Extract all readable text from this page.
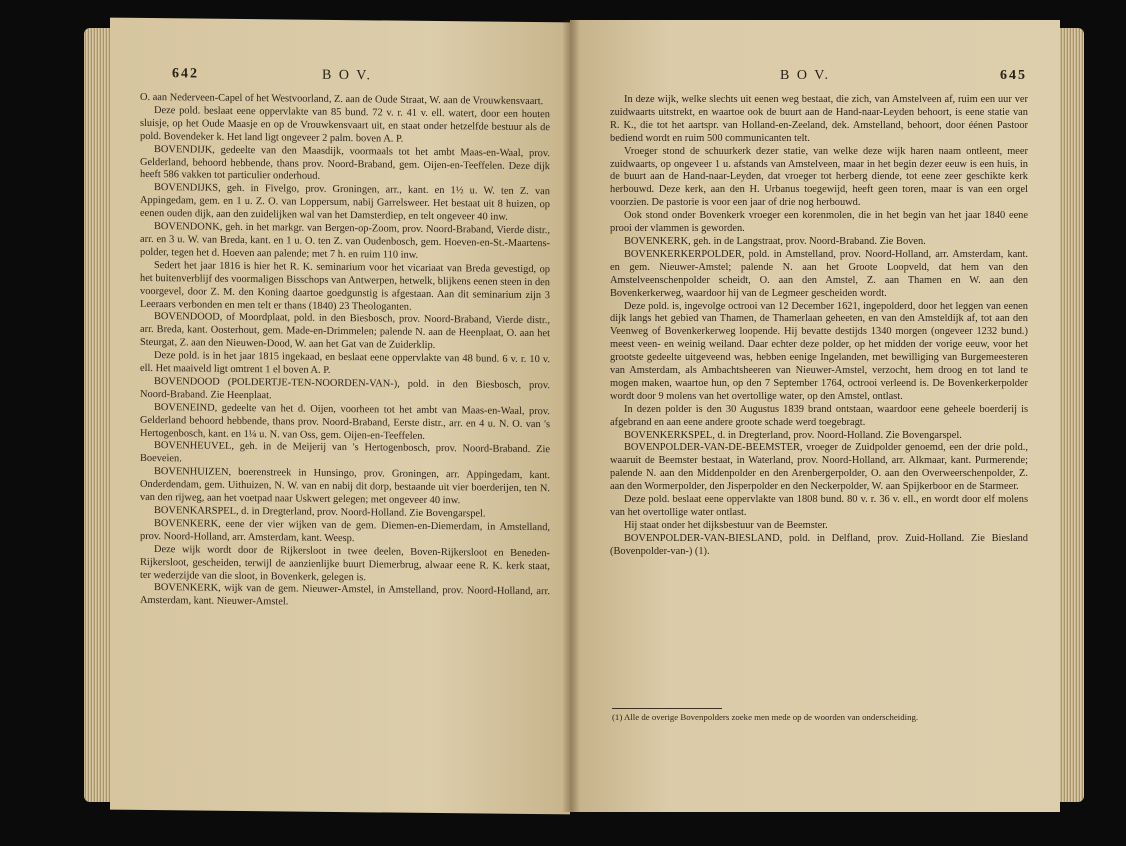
642	B O V.

O. aan Nederveen-Capel of het Westvoorland, Z. aan de Oude Straat, W. aan de Vrouwkensvaart.

Deze pold. beslaat eene oppervlakte van 85 bund. 72 v. r. 41 v. ell. watert, door een houten sluisje, op het Oude Maasje en op de Vrouwkensvaart uit, en staat onder hetzelfde bestuur als de pold. Bovendeker k. Het land ligt ongeveer 2 palm. boven A. P.

BOVENDIJK, gedeelte van den Maasdijk, voormaals tot het ambt Maas-en-Waal, prov. Gelderland, behoord hebbende, thans prov. Noord-Braband, gem. Oijen-en-Teeffelen. Deze dijk heeft 586 vakken tot particulier onderhoud.

BOVENDIJKS, geh. in Fivelgo, prov. Groningen, arr., kant. en 1½ u. W. ten Z. van Appingedam, gem. en 1 u. Z. O. van Loppersum, nabij Garrelsweer. Het bestaat uit 8 huizen, op eenen ouden dijk, aan den zuidelijken wal van het Damsterdiep, en telt ongeveer 40 inw.

BOVENDONK, geh. in het markgr. van Bergen-op-Zoom, prov. Noord-Braband, Vierde distr., arr. en 3 u. W. van Breda, kant. en 1 u. O. ten Z. van Oudenbosch, gem. Hoeven-en-St.-Maartens-polder, tegen het d. Hoeven aan palende; met 7 h. en ruim 110 inw.

Sedert het jaar 1816 is hier het R. K. seminarium voor het vicariaat van Breda gevestigd, op het buitenverblijf des voormaligen Bisschops van Antwerpen, hetwelk, blijkens eenen steen in den voorgevel, door Z. M. den Koning daartoe goedgunstig is afgestaan. Aan dit seminarium zijn 3 Leeraars verbonden en men telt er thans (1840) 23 Theologanten.

BOVENDOOD, of Moordplaat, pold. in den Biesbosch, prov. Noord-Braband, Vierde distr., arr. Breda, kant. Oosterhout, gem. Made-en-Drimmelen; palende N. aan de Heenplaat, O. aan het Steurgat, Z. aan den Nieuwen-Dood, W. aan het Gat van de Zuiderklip.

Deze pold. is in het jaar 1815 ingekaad, en beslaat eene oppervlakte van 48 bund. 6 v. r. 10 v. ell. Het maaiveld ligt omtrent 1 el boven A. P.

BOVENDOOD (POLDERTJE-TEN-NOORDEN-VAN-), pold. in den Biesbosch, prov. Noord-Braband. Zie Heenplaat.

BOVENEIND, gedeelte van het d. Oijen, voorheen tot het ambt van Maas-en-Waal, prov. Gelderland behoord hebbende, thans prov. Noord-Braband, Eerste distr., arr. en 4 u. N. O. van 's Hertogenbosch, kant. en 1¼ u. N. van Oss, gem. Oijen-en-Teeffelen.

BOVENHEUVEL, geh. in de Meijerij van 's Hertogenbosch, prov. Noord-Braband. Zie Boeveien.

BOVENHUIZEN, boerenstreek in Hunsingo, prov. Groningen, arr. Appingedam, kant. Onderdendam, gem. Uithuizen, N. W. van en nabij dit dorp, bestaande uit vier boerderijen, ten N. van den rijweg, aan het voetpad naar Uskwert gelegen; met ongeveer 40 inw.

BOVENKARSPEL, d. in Dregterland, prov. Noord-Holland. Zie Bovengarspel.

BOVENKERK, eene der vier wijken van de gem. Diemen-en-Diemerdam, in Amstelland, prov. Noord-Holland, arr. Amsterdam, kant. Weesp.

Deze wijk wordt door de Rijkersloot in twee deelen, Boven-Rijkersloot en Beneden-Rijkersloot, gescheiden, terwijl de aanzienlijke buurt Diemerbrug, alwaar eene R. K. kerk staat, ter wederzijde van die sloot, in Bovenkerk, gelegen is.

BOVENKERK, wijk van de gem. Nieuwer-Amstel, in Amstelland, prov. Noord-Holland, arr. Amsterdam, kant. Nieuwer-Amstel.

B O V.	645

In deze wijk, welke slechts uit eenen weg bestaat, die zich, van Amstelveen af, ruim een uur ver zuidwaarts uitstrekt, en waartoe ook de buurt aan de Hand-naar-Leyden behoort, is eene statie van R. K., die tot het aartspr. van Holland-en-Zeeland, dek. Amstelland, behoort, door éénen Pastoor bediend wordt en ruim 500 communicanten telt.

Vroeger stond de schuurkerk dezer statie, van welke deze wijk haren naam ontleent, meer zuidwaarts, op ongeveer 1 u. afstands van Amstelveen, maar in het begin dezer eeuw is een huis, in de buurt aan de Hand-naar-Leyden, dat vroeger tot herberg diende, tot eene zeer geschikte kerk herbouwd. Deze kerk, aan den H. Urbanus toegewijd, heeft geen toren, maar is van een orgel voorzien. De pastorie is voor een jaar of drie nog herbouwd.

Ook stond onder Bovenkerk vroeger een korenmolen, die in het begin van het jaar 1840 eene prooi der vlammen is geworden.

BOVENKERK, geh. in de Langstraat, prov. Noord-Braband. Zie Boven.

BOVENKERKERPOLDER, pold. in Amstelland, prov. Noord-Holland, arr. Amsterdam, kant. en gem. Nieuwer-Amstel; palende N. aan het Groote Loopveld, dat hem van den Amstelveenschenpolder scheidt, O. aan den Amstel, Z. aan Thamen en W. aan den Bovenkerkerweg, waardoor hij van de Legmeer gescheiden wordt.

Deze pold. is, ingevolge octrooi van 12 December 1621, ingepolderd, door het leggen van eenen dijk langs het gebied van Thamen, de Thamerlaan geheeten, en van den Amsteldijk af, tot aan den Veenweg of Bovenkerkerweg loopende. Hij bevatte destijds 1340 morgen (ongeveer 1232 bund.) meest veen- en weinig weiland. Daar echter deze polder, op het midden der vorige eeuw, voor het grootste gedeelte uitgeveend was, hebben eenige Ingelanden, met bewilliging van Burgemeesteren van Amsterdam, als Ambachtsheeren van Nieuwer-Amstel, verzocht, hem droog en tot land te mogen maken, waartoe hun, op den 7 September 1764, octrooi verleend is. De Bovenkerkerpolder wordt door 9 molens van het overtollige water, op den Amstel, ontlast.

In dezen polder is den 30 Augustus 1839 brand ontstaan, waardoor eene geheele boerderij is afgebrand en aan eene andere groote schade werd toegebragt.

BOVENKERKSPEL, d. in Dregterland, prov. Noord-Holland. Zie Bovengarspel.

BOVENPOLDER-VAN-DE-BEEMSTER, vroeger de Zuidpolder genoemd, een der drie pold., waaruit de Beemster bestaat, in Waterland, prov. Noord-Holland, arr. Alkmaar, kant. Purmerende; palende N. aan den Middenpolder en den Arenbergerpolder, O. aan den Overweerschenpolder, Z. aan den Wormerpolder, den Jisperpolder en den Neckerpolder, W. aan Spijkerboor en de Starmeer.

Deze pold. beslaat eene oppervlakte van 1808 bund. 80 v. r. 36 v. ell., en wordt door elf molens van het overtollige water ontlast.

Hij staat onder het dijksbestuur van de Beemster.

BOVENPOLDER-VAN-BIESLAND, pold. in Delfland, prov. Zuid-Holland. Zie Biesland (Bovenpolder-van-) (1).

(1) Alle de overige Bovenpolders zoeke men mede op de woorden van onderscheiding.
